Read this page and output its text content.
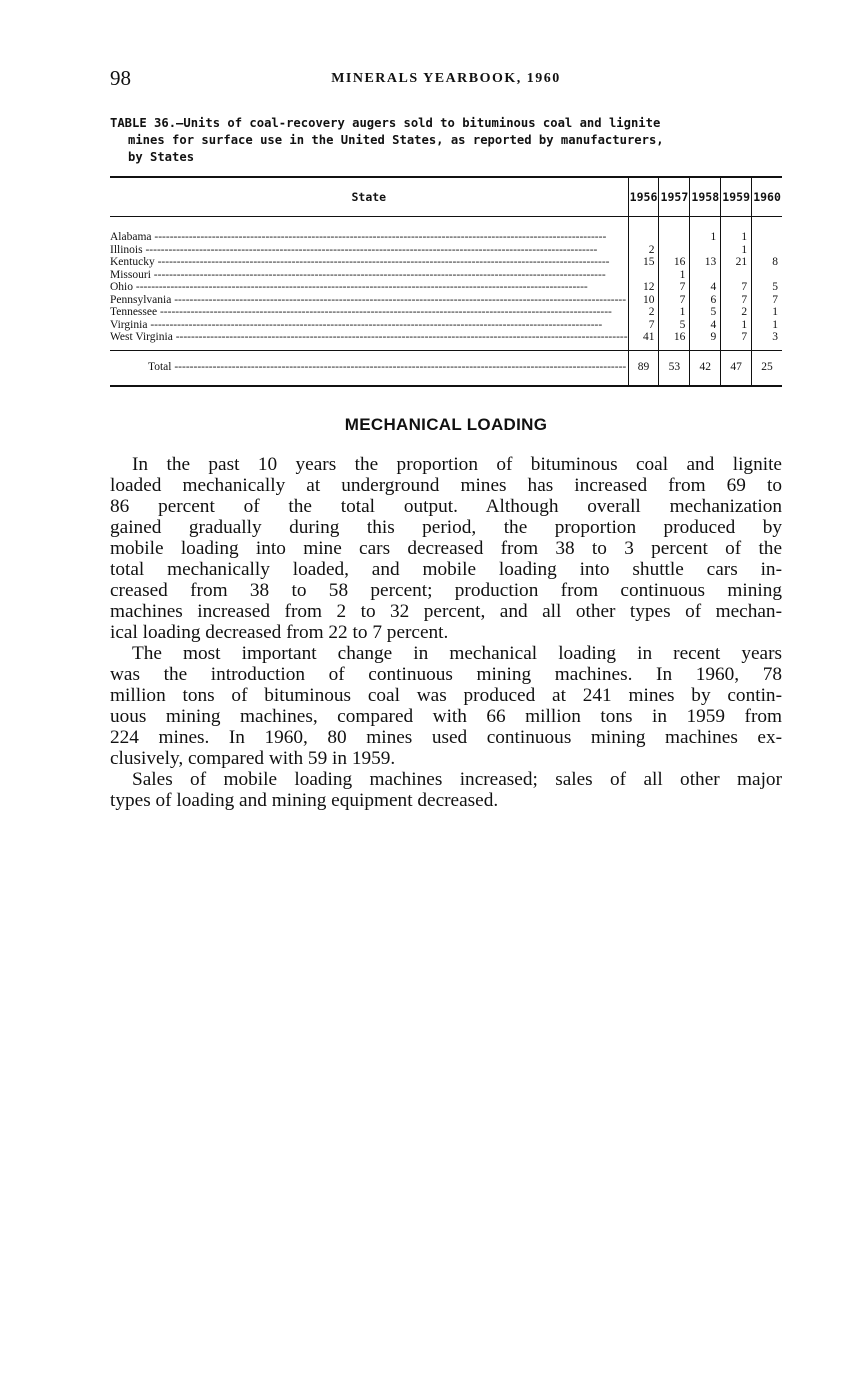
98	MINERALS YEARBOOK, 1960
TABLE 36.—Units of coal-recovery augers sold to bituminous coal and lignite
mines for surface use in the United States, as reported by manufacturers,
by States
State	1956	1957	1958	1959	1960
Alabama -----			1	1	
Illinois -----	2			1	
Kentucky -----	15	16	13	21	8
Missouri -----		1			
Ohio -----	12	7	4	7	5
Pennsylvania -----	10	7	6	7	7
Tennessee -----	2	1	5	2	1
Virginia -----	7	5	4	1	1
West Virginia -----	41	16	9	7	3
Total -----	89	53	42	47	25
MECHANICAL LOADING
In the past 10 years the proportion of bituminous coal and lignite
loaded mechanically at underground mines has increased from 69 to
86 percent of the total output. Although overall mechanization
gained gradually during this period, the proportion produced by
mobile loading into mine cars decreased from 38 to 3 percent of the
total mechanically loaded, and mobile loading into shuttle cars in-
creased from 38 to 58 percent; production from continuous mining
machines increased from 2 to 32 percent, and all other types of mechan-
ical loading decreased from 22 to 7 percent.
The most important change in mechanical loading in recent years
was the introduction of continuous mining machines. In 1960, 78
million tons of bituminous coal was produced at 241 mines by contin-
uous mining machines, compared with 66 million tons in 1959 from
224 mines. In 1960, 80 mines used continuous mining machines ex-
clusively, compared with 59 in 1959.
Sales of mobile loading machines increased; sales of all other major
types of loading and mining equipment decreased.
